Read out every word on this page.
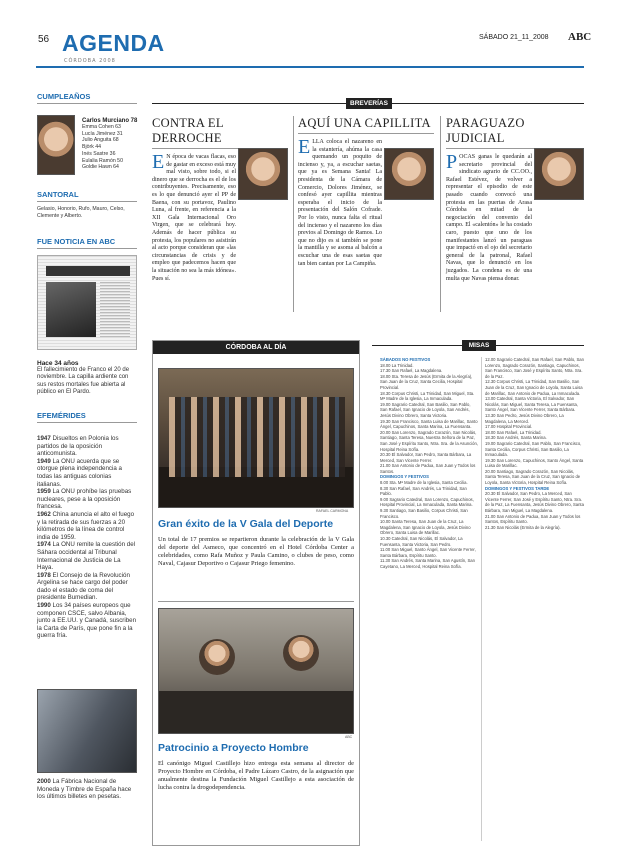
56 AGENDA
CÓRDOBA 2008
SÁBADO 21_11_2008 ABC
CUMPLEAÑOS
Carlos Murciano 78
Emma Cohen 63
Lucía Jiménez 31
Julio Anguita 68
Björk 44
Inés Sastre 36
Eulalia Ramón 50
Goldie Hawn 64
SANTORAL
Gelasio, Honorio, Rufo, Mauro, Celso, Clemente y Alberto.
FUE NOTICIA EN ABC
Hace 34 años
El fallecimiento de Franco el 20 de noviembre. La capilla ardiente con sus restos mortales fue abierta al público en El Pardo.
EFEMÉRIDES
1947 Disueltos en Polonia los partidos de la oposición anticomunista.
1949 La ONU acuerda que se otorgue plena independencia a todas las antiguas colonias italianas.
1959 La ONU prohíbe las pruebas nucleares, pese a la oposición francesa.
1962 China anuncia el alto el fuego y la retirada de sus fuerzas a 20 kilómetros de la línea de control india de 1959.
1974 La ONU remite la cuestión del Sáhara occidental al Tribunal Internacional de Justicia de La Haya.
1978 El Consejo de la Revolución Argelina se hace cargo del poder dado el estado de coma del presidente Bumedian.
1990 Los 34 países europeos que componen CSCE, salvo Albania, junto a EE.UU. y Canadá, suscriben la Carta de París, que pone fin a la guerra fría.
2000 La Fábrica Nacional de Moneda y Timbre de España hace los últimos billetes en pesetas.
BREVERÍAS
CONTRA EL DERROCHE
E N época de vacas flacas, eso de gastar en exceso está muy mal visto, sobre todo, si el dinero que se derrocha es el de los contribuyentes. Precisamente, eso es lo que denunció ayer el PP de Baena, con su portavoz, Paulino Luna, al frente, en referencia a la XII Gala Internacional Oro Virgen, que se celebrará hoy. Además de hacer pública su protesta, los populares no asistirán al acto porque consideran que «las circunstancias de crisis y de empleo que padecemos hacen que la situación no sea la más idónea». Pues sí.
AQUÍ UNA CAPILLITA
E LLA coloca el nazareno en la estantería, ahúma la casa quemando un poquito de incienso y, ya, a escuchar saetas, que ya es Semana Santa! La presidenta de la Cámara de Comercio, Dolores Jiménez, se confesó ayer capillita mientras esperaba el inicio de la presentación del Salón Cofrade. Por lo visto, nunca falta el ritual del incienso y el nazareno los días previos al Domingo de Ramos. Lo que no dijo es si también se pone la mantilla y se asoma al balcón a escuchar una de esas saetas que tan bien cantan por La Campiña.
PARAGUAZO JUDICIAL
P OCAS ganas le quedarán al secretario provincial del sindicato agrario de CC.OO., Rafael Estévez, de volver a representar el episodio de este pasado cuando convocó una protesta en las puertas de Arasa Córdoba en mitad de la negociación del convenio del campo. El «calentón» le ha costado caro, puesto que uno de los manifestantes lanzó un paraguas que impactó en el ojo del secretario general de la patronal, Rafael Navas, que lo denunció en los juzgados. La condena es de una multa que Navas piensa donar.
CÓRDOBA AL DÍA
RAFAEL CARMONA
Gran éxito de la V Gala del Deporte
Un total de 17 premios se repartieron durante la celebración de la V Gala del deporte del Asmeco, que concentró en el Hotel Córdoba Center a celebridades, como Rafa Muñoz y Paula Camino, o clubes de peso, como Naval, Cajasur Deportivo o Cajasur Priego femenino.
ABC
Patrocinio a Proyecto Hombre
El canónigo Miguel Castillejo hizo entrega esta semana al director de Proyecto Hombre en Córdoba, el Padre Lázaro Castro, de la asignación que anualmente destina la Fundación Miguel Castillejo a esta asociación de lucha contra la drogodependencia.
MISAS
SÁBADOS NO FESTIVOS
18.00 La Trinidad.
17.30 San Rafael, La Magdalena.
18.00 Sta. Teresa de Jesús (Ermita de la Alegría), San Juan de la Cruz, Santa Cecilia, Hospital Provincial.
18.30 Corpus Christi, La Trinidad, San Miguel, Sta. Mª Madre de la Iglesia, La Inmaculada.
19.00 Sagrario Catedral, San Basilio, San Pablo, San Rafael, San Ignacio de Loyola, San Andrés, Jesús Divino Obrero, Santa Victoria.
19.30 San Francisco, Santa Luisa de Marillac, Santo Ángel, Capuchinos, Santa Marina, La Fuensanta.
20.00 San Lorenzo, Sagrado Corazón, San Nicolás, Santiago, Santa Teresa, Nuestra Señora de la Paz, San José y Espíritu Santo, Ntra. Sra. de la Asunción, Hospital Reina Sofía.
20.30 El Salvador, San Pedro, Santa Bárbara, La Merced, San Vicente Ferrer.
21.00 San Antonio de Padua, San Juan y Todos los Santos.
DOMINGOS Y FESTIVOS
8.00 Sta. Mª Madre de la Iglesia, Santa Cecilia.
8.30 San Rafael, San Andrés, La Trinidad, San Pablo.
9.00 Sagrario Catedral, San Lorenzo, Capuchinos, Hospital Provincial, La Inmaculada, Santa Marina.
9.30 Santiago, San Basilio, Corpus Christi, San Francisco.
10.00 Santa Teresa, San Juan de la Cruz, La Magdalena, San Ignacio de Loyola, Jesús Divino Obrero, Santa Luisa de Marillac.
10.30 Catedral, San Nicolás, El Salvador, La Fuensanta, Santa Victoria, San Pedro.
11.00 San Miguel, Santo Ángel, San Vicente Ferrer, Santa Bárbara, Espíritu Santo.
11.30 San Andrés, Santa Marina, San Agustín, San Cayetano, La Merced, Hospital Reina Sofía.
12.00 Sagrario Catedral, San Rafael, San Pablo, San Lorenzo, Sagrado Corazón, Santiago, Capuchinos, San Francisco, San José y Espíritu Santo, Ntra. Sra. de la Paz.
12.30 Corpus Christi, La Trinidad, San Basilio, San Juan de la Cruz, San Ignacio de Loyola, Santa Luisa de Marillac, San Antonio de Padua, La Inmaculada.
13.00 Catedral, Santa Victoria, El Salvador, San Nicolás, San Miguel, Santa Teresa, La Fuensanta, Santo Ángel, San Vicente Ferrer, Santa Bárbara.
13.30 San Pedro, Jesús Divino Obrero, La Magdalena, La Merced.
17.00 Hospital Provincial.
18.00 San Rafael, La Trinidad.
18.30 San Andrés, Santa Marina.
19.00 Sagrario Catedral, San Pablo, San Francisco, Santa Cecilia, Corpus Christi, San Basilio, La Inmaculada.
19.30 San Lorenzo, Capuchinos, Santo Ángel, Santa Luisa de Marillac.
20.00 Santiago, Sagrado Corazón, San Nicolás, Santa Teresa, San Juan de la Cruz, San Ignacio de Loyola, Santa Victoria, Hospital Reina Sofía.
DOMINGOS Y FESTIVOS TARDE
20.30 El Salvador, San Pedro, La Merced, San Vicente Ferrer, San José y Espíritu Santo, Ntra. Sra. de la Paz, La Fuensanta, Jesús Divino Obrero, Santa Bárbara, San Miguel, La Magdalena.
21.00 San Antonio de Padua, San Juan y Todos los Santos, Espíritu Santo.
21.30 San Nicolás (Ermita de la Alegría).
